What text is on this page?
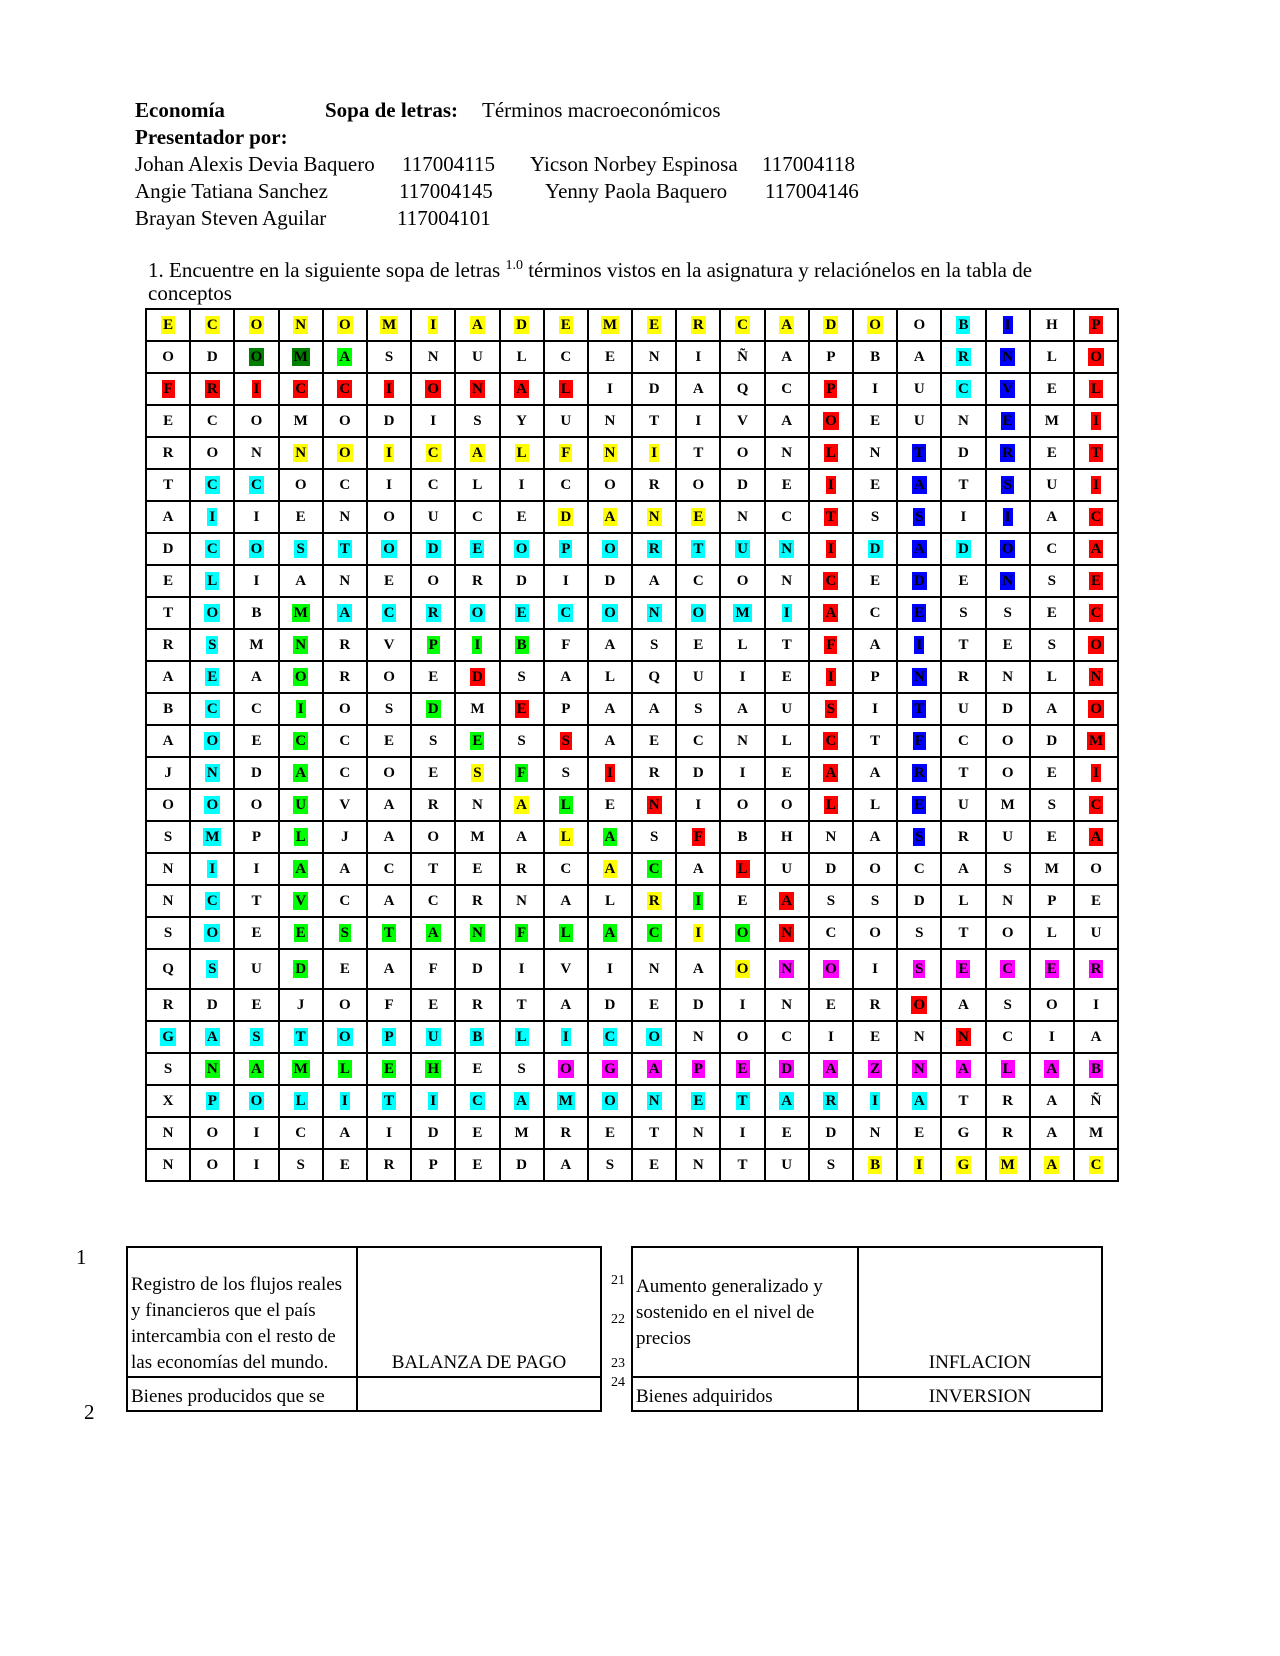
Economía	Sopa de letras: Términos macroeconómicos
Presentador por:
Johan Alexis Devia Baquero 117004115 Yicson Norbey Espinosa 117004118
Angie Tatiana Sanchez	117004145 Yenny Paola Baquero 117004146
Brayan Steven Aguilar	117004101
1. Encuentre en la siguiente sopa de letras $^{1.0}$ términos vistos en la asignatura y relaciónelos en la tabla de
conceptos
E	C	O	N	O	M	I	A	D	E	M	E	R	C	A	D	O	O	B	I	H	P
O	D	O	M	A	S	N	U	L	C	E	N	I	Ñ	A	P	B	A	R	N	L	O
F	R	I	C	C	I	O	N	A	L	I	D	A	Q	C	P	I	U	C	V	E	L
E	C	O	M	O	D	I	S	Y	U	N	T	I	V	A	O	E	U	N	E	M	I
R	O	N	N	O	I	C	A	L	F	N	I	T	O	N	L	N	T	D	R	E	T
T	C	C	O	C	I	C	L	I	C	O	R	O	D	E	I	E	A	T	S	U	I
A	I	I	E	N	O	U	C	E	D	A	N	E	N	C	T	S	S	I	I	A	C
D	C	O	S	T	O	D	E	O	P	O	R	T	U	N	I	D	A	D	O	C	A
E	L	I	A	N	E	O	R	D	I	D	A	C	O	N	C	E	D	E	N	S	E
T	O	B	M	A	C	R	O	E	C	O	N	O	M	I	A	C	E	S	S	E	C
R	S	M	N	R	V	P	I	B	F	A	S	E	L	T	F	A	I	T	E	S	O
A	E	A	O	R	O	E	D	S	A	L	Q	U	I	E	I	P	N	R	N	L	N
B	C	C	I	O	S	D	M	E	P	A	A	S	A	U	S	I	T	U	D	A	O
A	O	E	C	C	E	S	E	S	S	A	E	C	N	L	C	T	F	C	O	D	M
J	N	D	A	C	O	E	S	F	S	I	R	D	I	E	A	A	R	T	O	E	I
O	O	O	U	V	A	R	N	A	L	E	N	I	O	O	L	L	E	U	M	S	C
S	M	P	L	J	A	O	M	A	L	A	S	F	B	H	N	A	S	R	U	E	A
N	I	I	A	A	C	T	E	R	C	A	C	A	L	U	D	O	C	A	S	M	O
N	C	T	V	C	A	C	R	N	A	L	R	I	E	A	S	S	D	L	N	P	E
S	O	E	E	S	T	A	N	F	L	A	C	I	O	N	C	O	S	T	O	L	U
Q	S	U	D	E	A	F	D	I	V	I	N	A	O	N	O	I	S	E	C	E	R
R	D	E	J	O	F	E	R	T	A	D	E	D	I	N	E	R	O	A	S	O	I
G	A	S	T	O	P	U	B	L	I	C	O	N	O	C	I	E	N	N	C	I	A
S	N	A	M	L	E	H	E	S	O	G	A	P	E	D	A	Z	N	A	L	A	B
X	P	O	L	I	T	I	C	A	M	O	N	E	T	A	R	I	A	T	R	A	Ñ
N	O	I	C	A	I	D	E	M	R	E	T	N	I	E	D	N	E	G	R	A	M
N	O	I	S	E	R	P	E	D	A	S	E	N	T	U	S	B	I	G	M	A	C
1
2
Registro de los flujos reales y financieros que el país intercambia con el resto de las economías del mundo.	BALANZA DE PAGO
Bienes producidos que se	
21
22
23
24
Aumento generalizado y sostenido en el nivel de precios	INFLACION
Bienes adquiridos	INVERSION
